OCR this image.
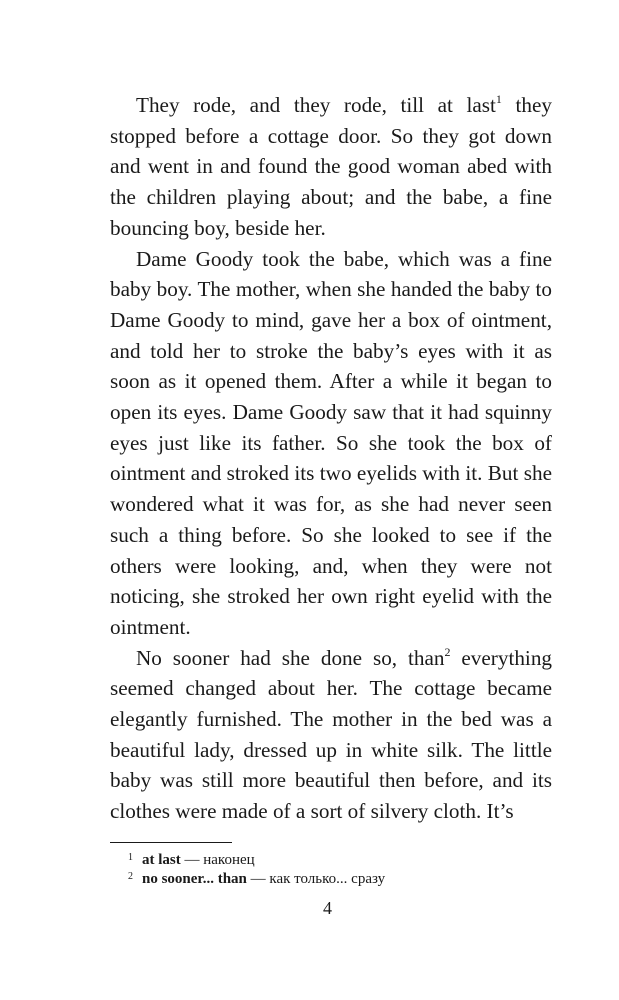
They rode, and they rode, till at last$^1$ they stopped before a cottage door. So they got down and went in and found the good woman abed with the children playing about; and the babe, a fine bouncing boy, beside her.

Dame Goody took the babe, which was a fine baby boy. The mother, when she handed the baby to Dame Goody to mind, gave her a box of ointment, and told her to stroke the baby’s eyes with it as soon as it opened them. After a while it began to open its eyes. Dame Goody saw that it had squinny eyes just like its father. So she took the box of ointment and stroked its two eyelids with it. But she wondered what it was for, as she had never seen such a thing before. So she looked to see if the others were looking, and, when they were not noticing, she stroked her own right eyelid with the ointment.

No sooner had she done so, than$^2$ everything seemed changed about her. The cottage became elegantly furnished. The mother in the bed was a beautiful lady, dressed up in white silk. The little baby was still more beautiful then before, and its clothes were made of a sort of silvery cloth. It’s

1 at last — наконец

2 no sooner... than — как только... сразу

4
